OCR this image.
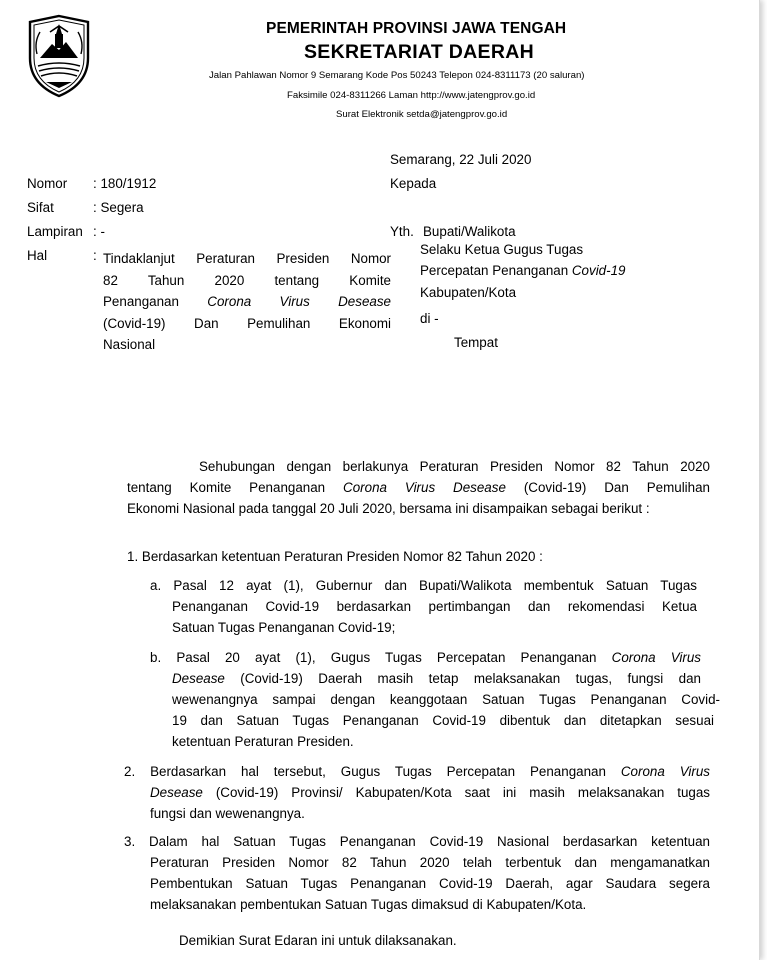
PEMERINTAH PROVINSI JAWA TENGAH
SEKRETARIAT DAERAH
Jalan Pahlawan Nomor 9 Semarang Kode Pos 50243 Telepon 024-8311173 (20 saluran)
Faksimile 024-8311266 Laman http://www.jatengprov.go.id
Surat Elektronik setda@jatengprov.go.id
Semarang, 22 Juli 2020
Kepada
Nomor : 180/1912
Sifat	: Segera
Lampiran : -
Hal	: Tindaklanjut Peraturan Presiden Nomor
82 Tahun 2020 tentang Komite
Penanganan Corona Virus Desease
(Covid-19) Dan Pemulihan Ekonomi
Nasional
Yth. Bupati/Walikota
Selaku Ketua Gugus Tugas
Percepatan Penanganan Covid-19
Kabupaten/Kota
di -
Tempat
Sehubungan dengan berlakunya Peraturan Presiden Nomor 82 Tahun 2020
tentang Komite Penanganan Corona Virus Desease (Covid-19) Dan Pemulihan
Ekonomi Nasional pada tanggal 20 Juli 2020, bersama ini disampaikan sebagai berikut :
1. Berdasarkan ketentuan Peraturan Presiden Nomor 82 Tahun 2020 :
a. Pasal 12 ayat (1), Gubernur dan Bupati/Walikota membentuk Satuan Tugas
Penanganan Covid-19 berdasarkan pertimbangan dan rekomendasi Ketua
Satuan Tugas Penanganan Covid-19;
b. Pasal 20 ayat (1), Gugus Tugas Percepatan Penanganan Corona Virus
Desease (Covid-19) Daerah masih tetap melaksanakan tugas, fungsi dan
wewenangnya sampai dengan keanggotaan Satuan Tugas Penanganan Covid-
19 dan Satuan Tugas Penanganan Covid-19 dibentuk dan ditetapkan sesuai
ketentuan Peraturan Presiden.
2. Berdasarkan hal tersebut, Gugus Tugas Percepatan Penanganan Corona Virus
Desease (Covid-19) Provinsi/ Kabupaten/Kota saat ini masih melaksanakan tugas
fungsi dan wewenangnya.
3. Dalam hal Satuan Tugas Penanganan Covid-19 Nasional berdasarkan ketentuan
Peraturan Presiden Nomor 82 Tahun 2020 telah terbentuk dan mengamanatkan
Pembentukan Satuan Tugas Penanganan Covid-19 Daerah, agar Saudara segera
melaksanakan pembentukan Satuan Tugas dimaksud di Kabupaten/Kota.
Demikian Surat Edaran ini untuk dilaksanakan.
